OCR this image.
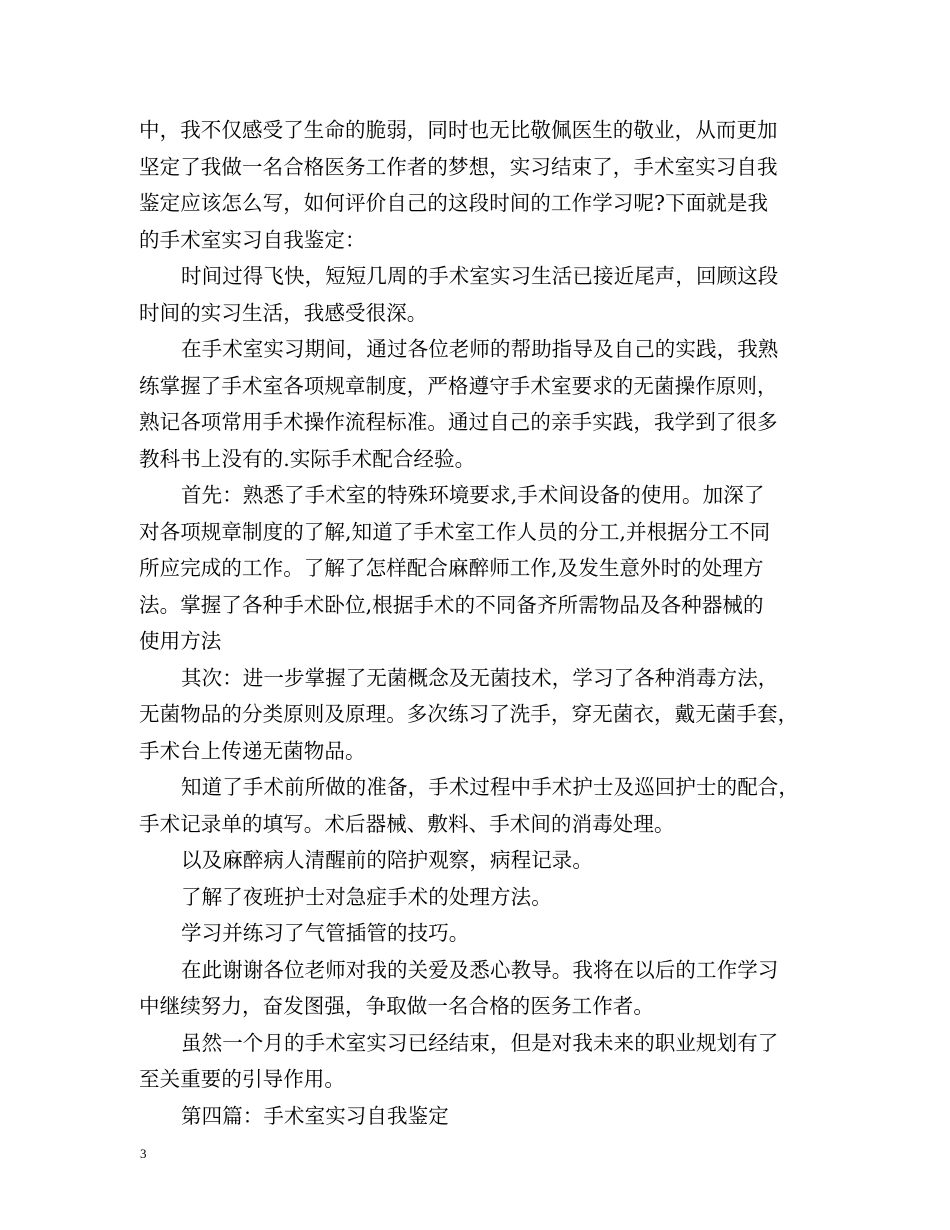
中，我不仅感受了生命的脆弱，同时也无比敬佩医生的敬业，从而更加
坚定了我做一名合格医务工作者的梦想，实习结束了，手术室实习自我
鉴定应该怎么写，如何评价自己的这段时间的工作学习呢?下面就是我
的手术室实习自我鉴定：
时间过得飞快，短短几周的手术室实习生活已接近尾声，回顾这段
时间的实习生活，我感受很深。
在手术室实习期间，通过各位老师的帮助指导及自己的实践，我熟
练掌握了手术室各项规章制度，严格遵守手术室要求的无菌操作原则，
熟记各项常用手术操作流程标准。通过自己的亲手实践，我学到了很多
教科书上没有的.实际手术配合经验。
首先：熟悉了手术室的特殊环境要求,手术间设备的使用。加深了
对各项规章制度的了解,知道了手术室工作人员的分工,并根据分工不同
所应完成的工作。了解了怎样配合麻醉师工作,及发生意外时的处理方
法。掌握了各种手术卧位,根据手术的不同备齐所需物品及各种器械的
使用方法
其次：进一步掌握了无菌概念及无菌技术，学习了各种消毒方法，
无菌物品的分类原则及原理。多次练习了洗手，穿无菌衣，戴无菌手套，
手术台上传递无菌物品。
知道了手术前所做的准备，手术过程中手术护士及巡回护士的配合，
手术记录单的填写。术后器械、敷料、手术间的消毒处理。
以及麻醉病人清醒前的陪护观察，病程记录。
了解了夜班护士对急症手术的处理方法。
学习并练习了气管插管的技巧。
在此谢谢各位老师对我的关爱及悉心教导。我将在以后的工作学习
中继续努力，奋发图强，争取做一名合格的医务工作者。
虽然一个月的手术室实习已经结束，但是对我未来的职业规划有了
至关重要的引导作用。
第四篇：手术室实习自我鉴定
3
